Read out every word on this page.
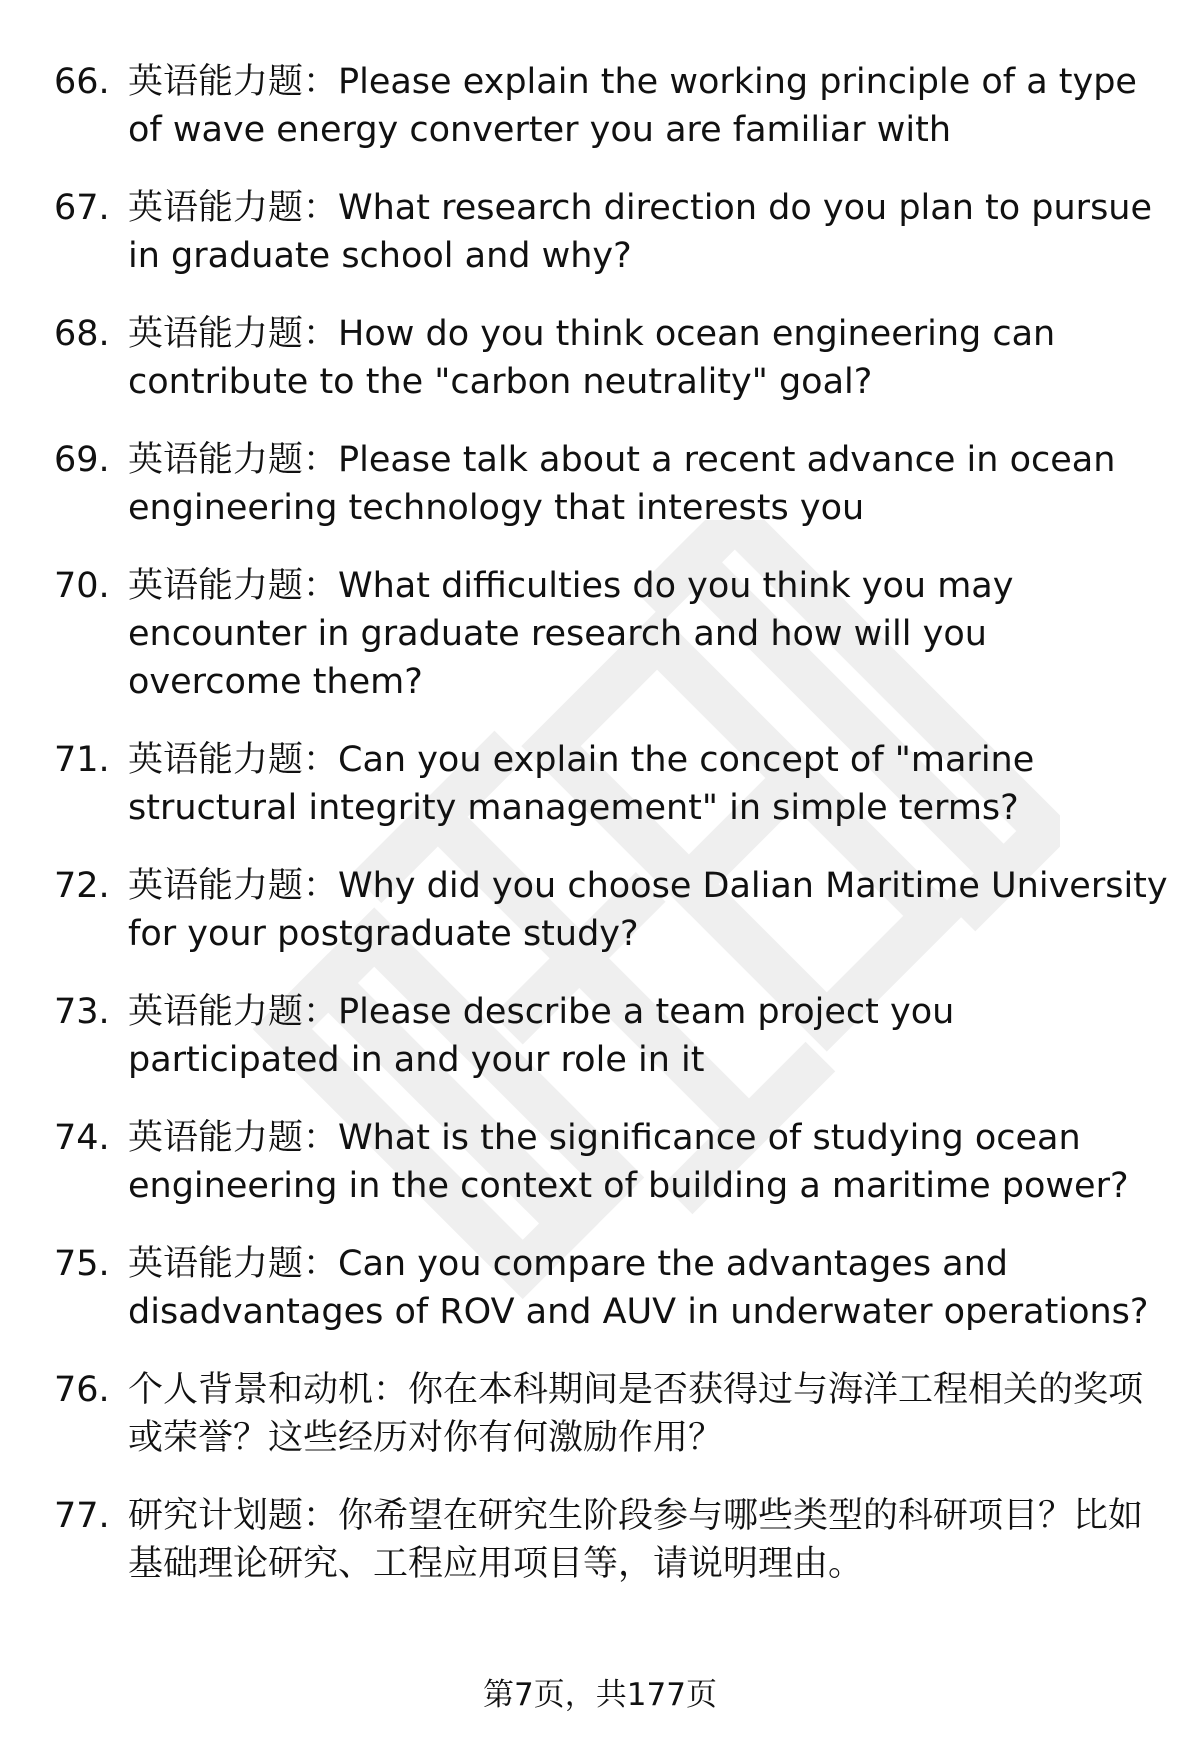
66. 英语能力题：Please explain the working principle of a type of wave energy converter you are familiar with
67. 英语能力题：What research direction do you plan to pursue in graduate school and why?
68. 英语能力题：How do you think ocean engineering can contribute to the "carbon neutrality" goal?
69. 英语能力题：Please talk about a recent advance in ocean engineering technology that interests you
70. 英语能力题：What difficulties do you think you may encounter in graduate research and how will you overcome them?
71. 英语能力题：Can you explain the concept of "marine structural integrity management" in simple terms?
72. 英语能力题：Why did you choose Dalian Maritime University for your postgraduate study?
73. 英语能力题：Please describe a team project you participated in and your role in it
74. 英语能力题：What is the significance of studying ocean engineering in the context of building a maritime power?
75. 英语能力题：Can you compare the advantages and disadvantages of ROV and AUV in underwater operations?
76. 个人背景和动机：你在本科期间是否获得过与海洋工程相关的奖项或荣誉？这些经历对你有何激励作用？
77. 研究计划题：你希望在研究生阶段参与哪些类型的科研项目？比如基础理论研究、工程应用项目等，请说明理由。
第7页，共177页
